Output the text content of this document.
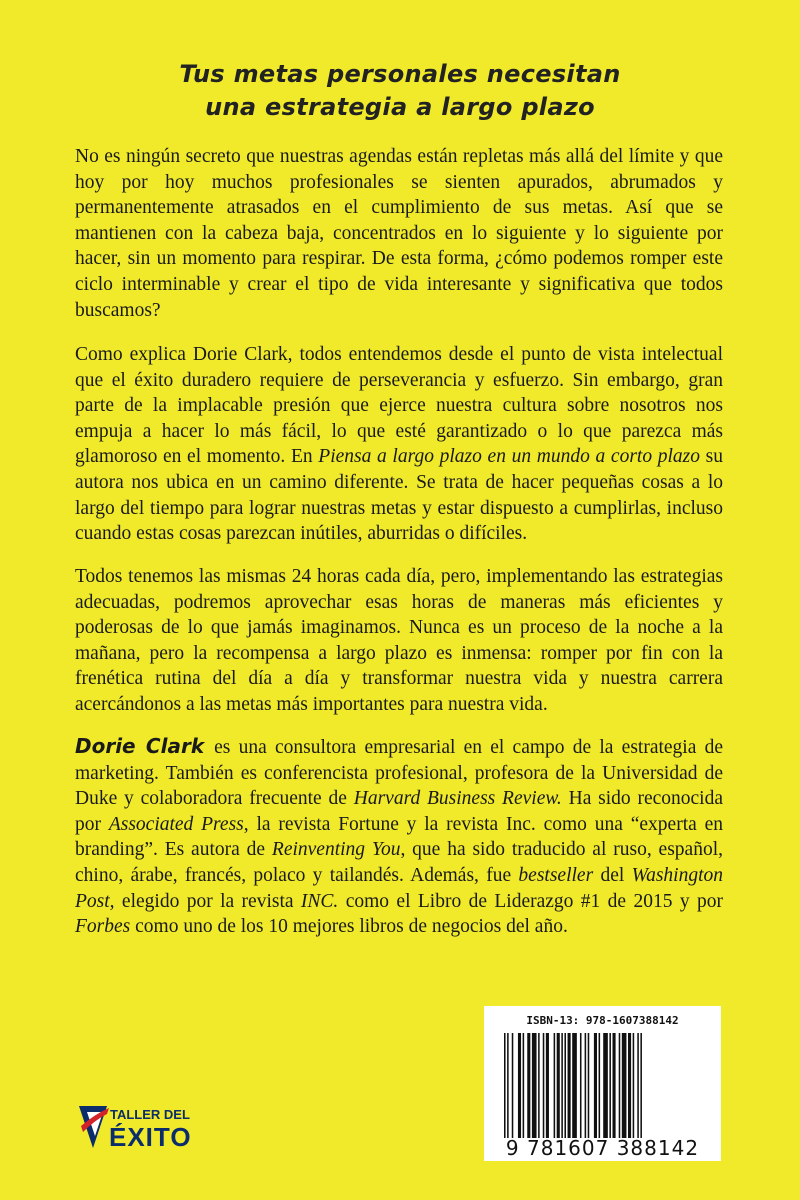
Tus metas personales necesitan
una estrategia a largo plazo

No es ningún secreto que nuestras agendas están repletas más allá del límite y que hoy por hoy muchos profesionales se sienten apurados, abrumados y permanentemente atrasados en el cumplimiento de sus metas. Así que se mantienen con la cabeza baja, concentrados en lo siguiente y lo siguiente por hacer, sin un momento para respirar. De esta forma, ¿cómo podemos romper este ciclo interminable y crear el tipo de vida interesante y significativa que todos buscamos?

Como explica Dorie Clark, todos entendemos desde el punto de vista intelectual que el éxito duradero requiere de perseverancia y esfuerzo. Sin embargo, gran parte de la implacable presión que ejerce nuestra cultura sobre nosotros nos empuja a hacer lo más fácil, lo que esté garantizado o lo que parezca más glamoroso en el momento. En Piensa a largo plazo en un mundo a corto plazo su autora nos ubica en un camino diferente. Se trata de hacer pequeñas cosas a lo largo del tiempo para lograr nuestras metas y estar dispuesto a cumplirlas, incluso cuando estas cosas parezcan inútiles, aburridas o difíciles.

Todos tenemos las mismas 24 horas cada día, pero, implementando las estrategias adecuadas, podremos aprovechar esas horas de maneras más eficientes y poderosas de lo que jamás imaginamos. Nunca es un proceso de la noche a la mañana, pero la recompensa a largo plazo es inmensa: romper por fin con la frenética rutina del día a día y transformar nuestra vida y nuestra carrera acercándonos a las metas más importantes para nuestra vida.

Dorie Clark es una consultora empresarial en el campo de la estrategia de marketing. También es conferencista profesional, profesora de la Universidad de Duke y colaboradora frecuente de Harvard Business Review. Ha sido reconocida por Associated Press, la revista Fortune y la revista Inc. como una “experta en branding”. Es autora de Reinventing You, que ha sido traducido al ruso, español, chino, árabe, francés, polaco y tailandés. Además, fue bestseller del Washington Post, elegido por la revista INC. como el Libro de Liderazgo #1 de 2015 y por Forbes como uno de los 10 mejores libros de negocios del año.

TALLER DEL
ÉXITO
ISBN-13: 978-1607388142
9 781607 388142
